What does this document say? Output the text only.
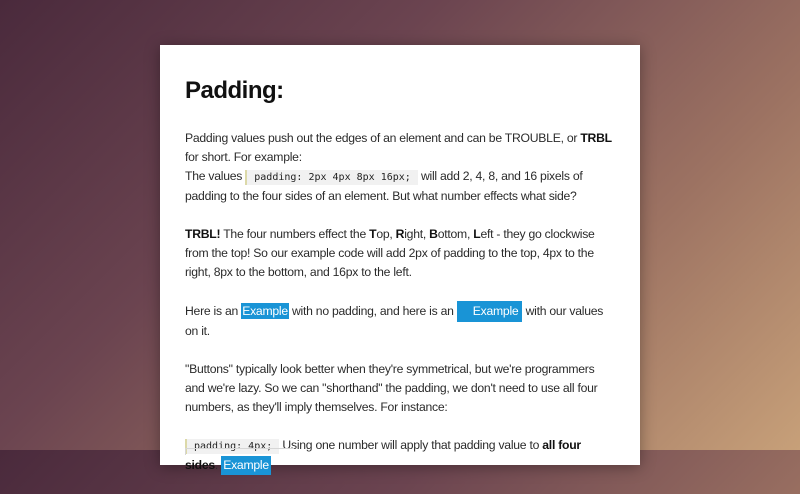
Padding:

Padding values push out the edges of an element and can be TROUBLE, or TRBL for short. For example:
The values padding: 2px 4px 8px 16px; will add 2, 4, 8, and 16 pixels of padding to the four sides of an element. But what number effects what side?

TRBL! The four numbers effect the Top, Right, Bottom, Left - they go clockwise from the top! So our example code will add 2px of padding to the top, 4px to the right, 8px to the bottom, and 16px to the left.

Here is an Example with no padding, and here is an Example with our values on it.

"Buttons" typically look better when they're symmetrical, but we're programmers and we're lazy. So we can "shorthand" the padding, we don't need to use all four numbers, as they'll imply themselves. For instance:

padding: 4px; Using one number will apply that padding value to all four sides. Example
